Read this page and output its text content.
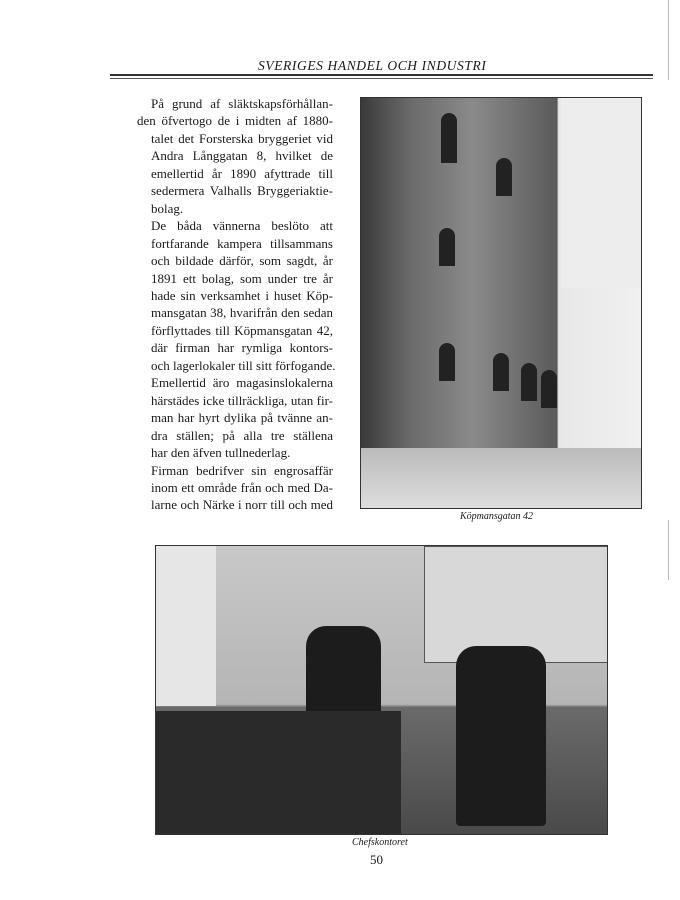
SVERIGES HANDEL OCH INDUSTRI

På grund af släktskapsförhållan-
den öfvertogo de i midten af 1880-
talet det Forsterska bryggeriet vid
Andra Långgatan 8, hvilket de
emellertid år 1890 afyttrade till
sedermera Valhalls Bryggeriaktie-
bolag.

De båda vännerna beslöto att
fortfarande kampera tillsammans
och bildade därför, som sagdt, år
1891 ett bolag, som under tre år
hade sin verksamhet i huset Köp-
mansgatan 38, hvarifrån den sedan
förflyttades till Köpmansgatan 42,
där firman har rymliga kontors-
och lagerlokaler till sitt förfogande.
Emellertid äro magasinslokalerna
härstädes icke tillräckliga, utan fir-
man har hyrt dylika på tvänne an-
dra ställen; på alla tre ställena
har den äfven tullnederlag.

Firman bedrifver sin engrosaffär
inom ett område från och med Da-
larne och Närke i norr till och med

Köpmansgatan 42
Chefskontoret
50
